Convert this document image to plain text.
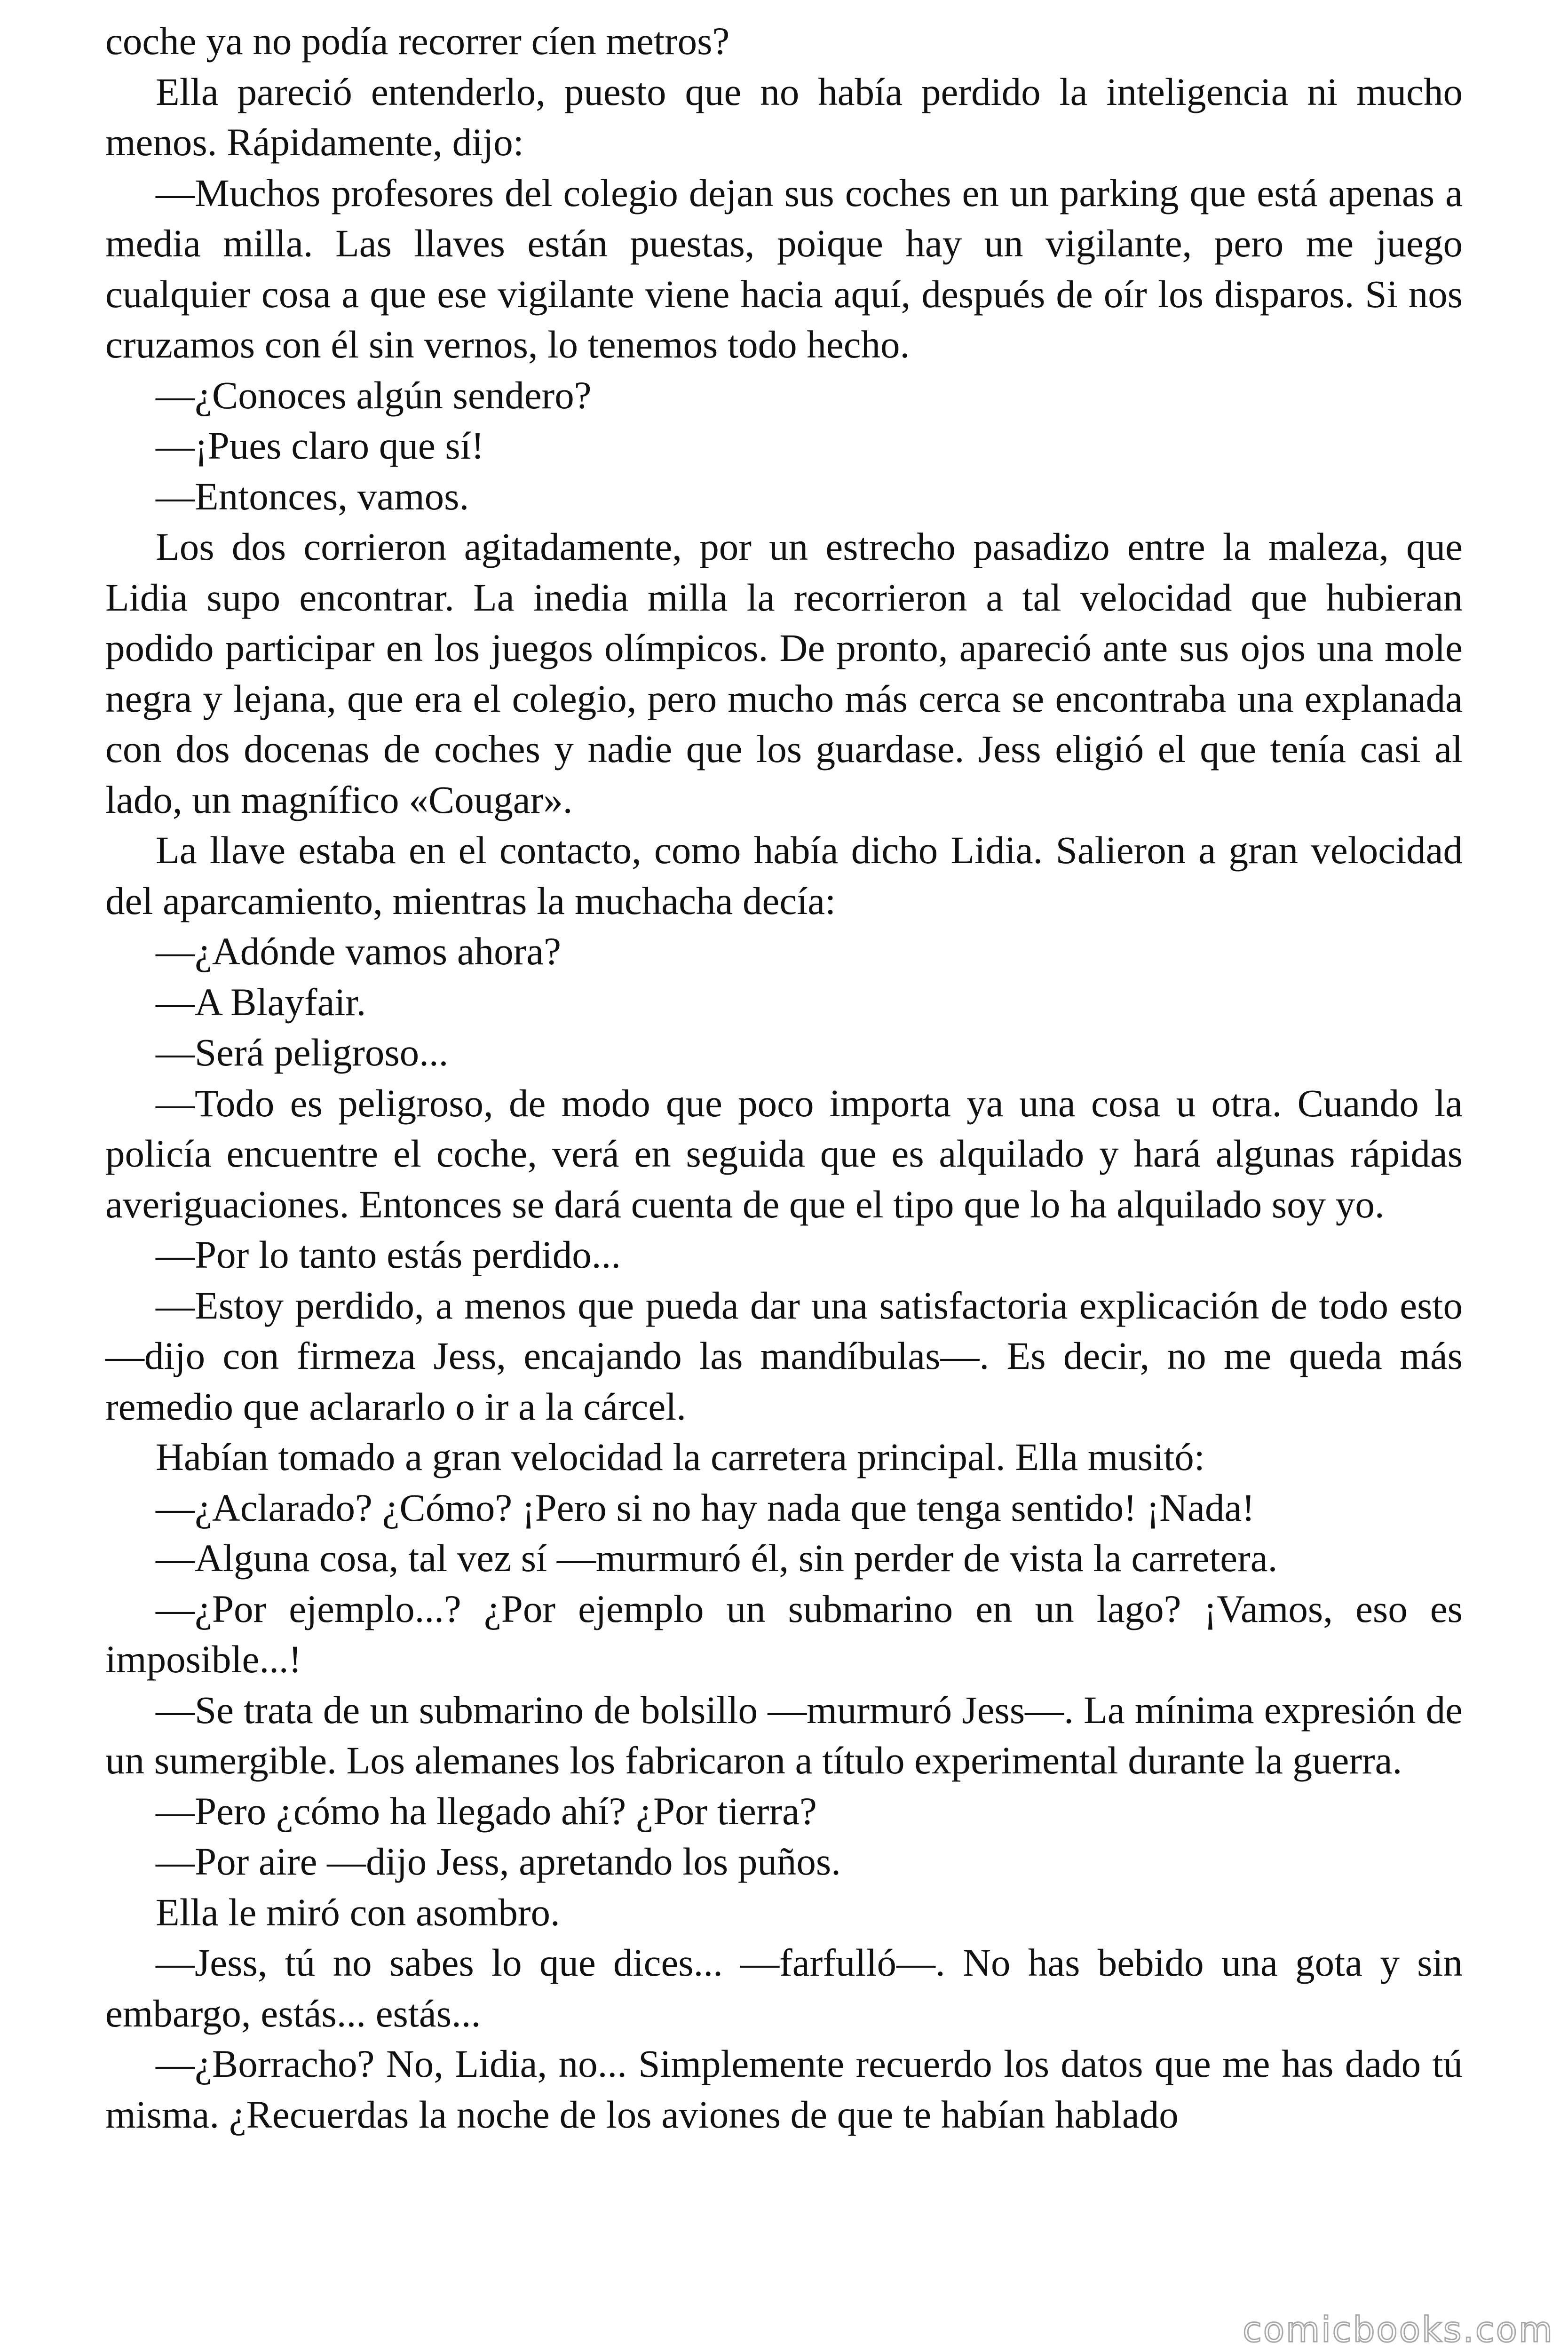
coche ya no podía recorrer cíen metros?

Ella pareció entenderlo, puesto que no había perdido la inteligencia ni mucho menos. Rápidamente, dijo:

—Muchos profesores del colegio dejan sus coches en un parking que está apenas a media milla. Las llaves están puestas, poique hay un vigilante, pero me juego cualquier cosa a que ese vigilante viene hacia aquí, después de oír los disparos. Si nos cruzamos con él sin vernos, lo tenemos todo hecho.

—¿Conoces algún sendero?

—¡Pues claro que sí!

—Entonces, vamos.

Los dos corrieron agitadamente, por un estrecho pasadizo entre la maleza, que Lidia supo encontrar. La inedia milla la recorrieron a tal velocidad que hubieran podido participar en los juegos olímpicos. De pronto, apareció ante sus ojos una mole negra y lejana, que era el colegio, pero mucho más cerca se encontraba una explanada con dos docenas de coches y nadie que los guardase. Jess eligió el que tenía casi al lado, un magnífico «Cougar».

La llave estaba en el contacto, como había dicho Lidia. Salieron a gran velocidad del aparcamiento, mientras la muchacha decía:

—¿Adónde vamos ahora?

—A Blayfair.

—Será peligroso...

—Todo es peligroso, de modo que poco importa ya una cosa u otra. Cuando la policía encuentre el coche, verá en seguida que es alquilado y hará algunas rápidas averiguaciones. Entonces se dará cuenta de que el tipo que lo ha alquilado soy yo.

—Por lo tanto estás perdido...

—Estoy perdido, a menos que pueda dar una satisfactoria explicación de todo esto —dijo con firmeza Jess, encajando las mandíbulas—. Es decir, no me queda más remedio que aclararlo o ir a la cárcel.

Habían tomado a gran velocidad la carretera principal. Ella musitó:

—¿Aclarado? ¿Cómo? ¡Pero si no hay nada que tenga sentido! ¡Nada!

—Alguna cosa, tal vez sí —murmuró él, sin perder de vista la carretera.

—¿Por ejemplo...? ¿Por ejemplo un submarino en un lago? ¡Vamos, eso es imposible...!

—Se trata de un submarino de bolsillo —murmuró Jess—. La mínima expresión de un sumergible. Los alemanes los fabricaron a título experimental durante la guerra.

—Pero ¿cómo ha llegado ahí? ¿Por tierra?

—Por aire —dijo Jess, apretando los puños.

Ella le miró con asombro.

—Jess, tú no sabes lo que dices... —farfulló—. No has bebido una gota y sin embargo, estás... estás...

—¿Borracho? No, Lidia, no... Simplemente recuerdo los datos que me has dado tú misma. ¿Recuerdas la noche de los aviones de que te habían hablado

comicbooks.com
